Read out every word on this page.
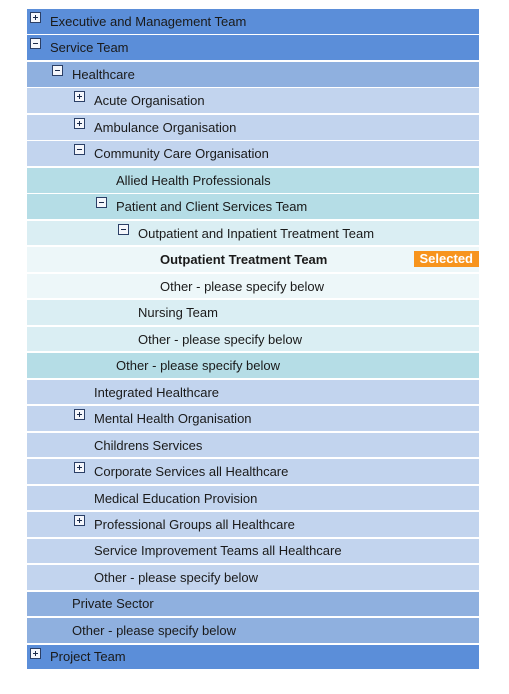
Executive and Management Team
Service Team
Healthcare
Acute Organisation
Ambulance Organisation
Community Care Organisation
Allied Health Professionals
Patient and Client Services Team
Outpatient and Inpatient Treatment Team
Outpatient Treatment Team	Selected
Other - please specify below
Nursing Team
Other - please specify below
Other - please specify below
Integrated Healthcare
Mental Health Organisation
Childrens Services
Corporate Services all Healthcare
Medical Education Provision
Professional Groups all Healthcare
Service Improvement Teams all Healthcare
Other - please specify below
Private Sector
Other - please specify below
Project Team
